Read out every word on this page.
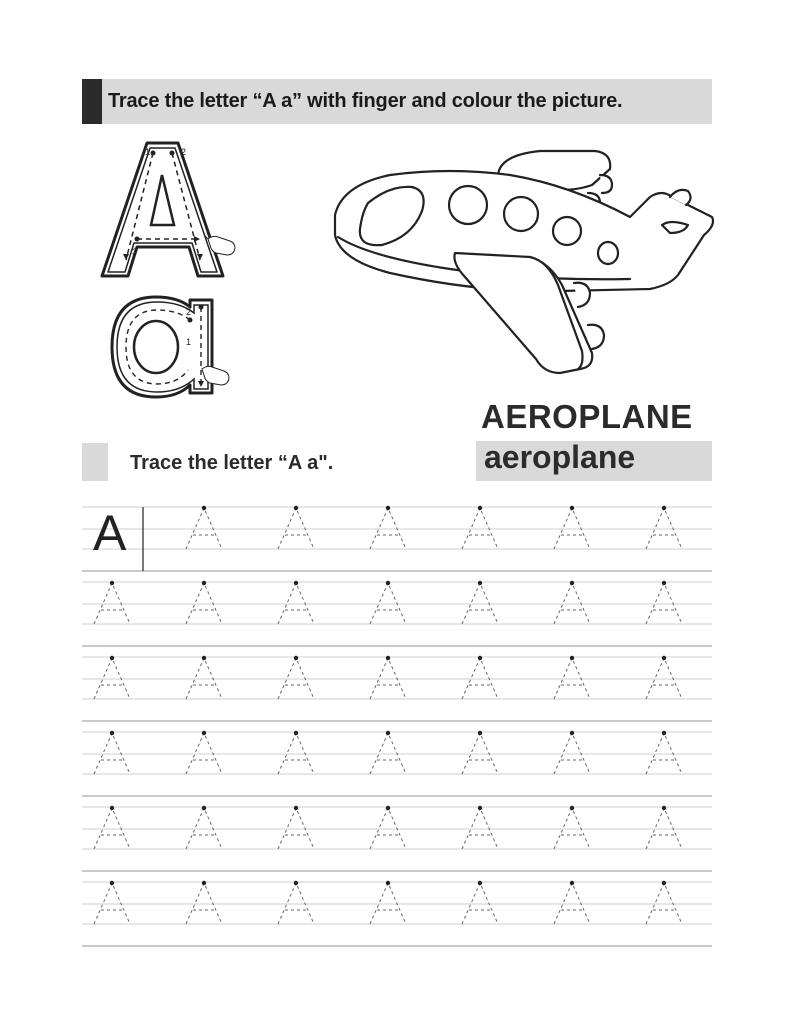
Trace the letter “A a” with finger and colour the picture.
1	2
3
2
1
AEROPLANE
aeroplane
Trace the letter “A a".
A
